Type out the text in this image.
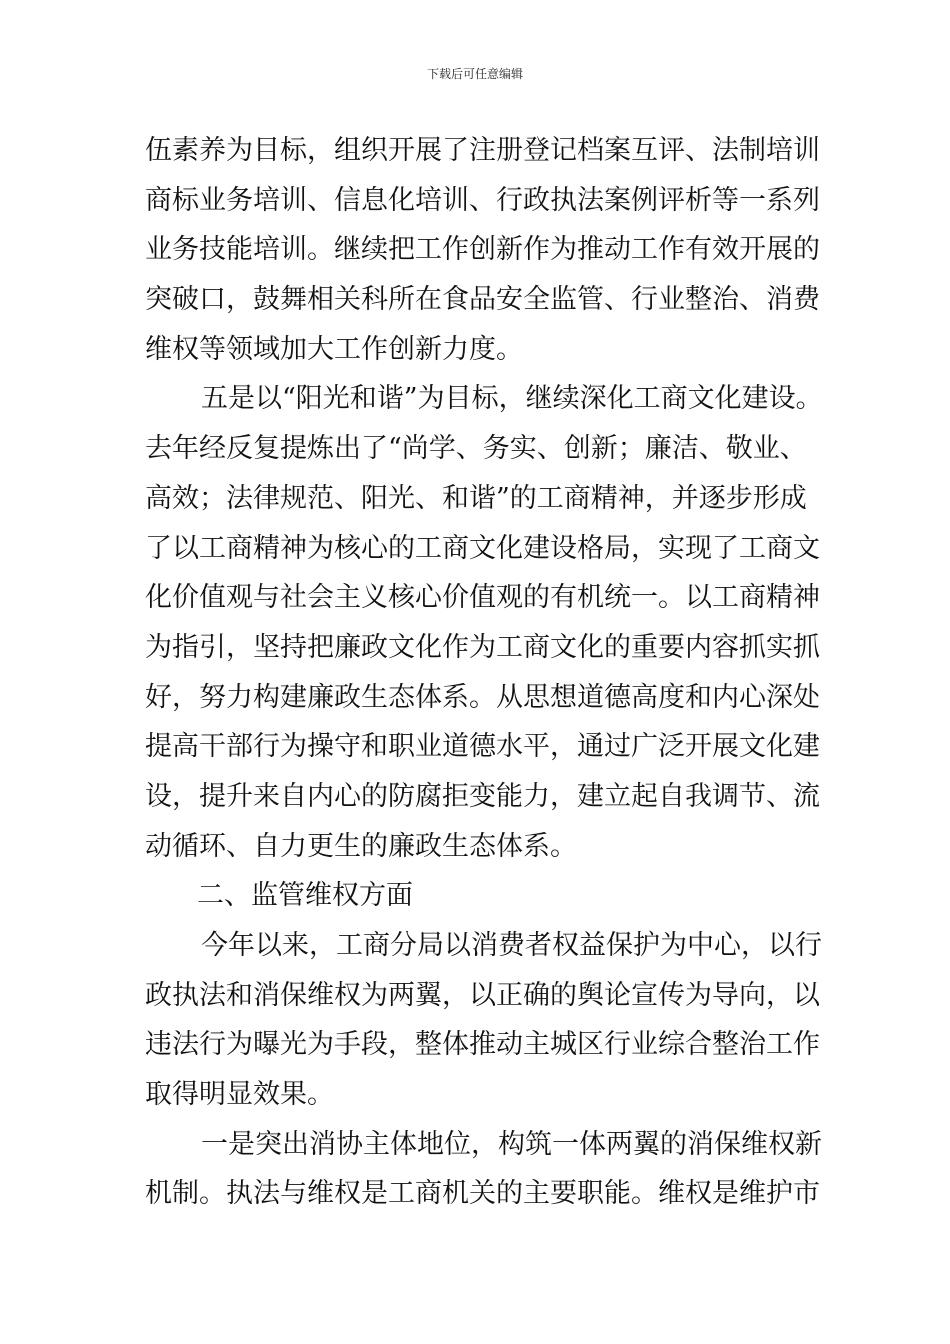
下载后可任意编辑
伍素养为目标，组织开展了注册登记档案互评、法制培训
商标业务培训、信息化培训、行政执法案例评析等一系列
业务技能培训。继续把工作创新作为推动工作有效开展的
突破口，鼓舞相关科所在食品安全监管、行业整治、消费
维权等领域加大工作创新力度。
五是以“阳光和谐”为目标，继续深化工商文化建设。
去年经反复提炼出了“尚学、务实、创新；廉洁、敬业、
高效；法律规范、阳光、和谐”的工商精神，并逐步形成
了以工商精神为核心的工商文化建设格局，实现了工商文
化价值观与社会主义核心价值观的有机统一。以工商精神
为指引，坚持把廉政文化作为工商文化的重要内容抓实抓
好，努力构建廉政生态体系。从思想道德高度和内心深处
提高干部行为操守和职业道德水平，通过广泛开展文化建
设，提升来自内心的防腐拒变能力，建立起自我调节、流
动循环、自力更生的廉政生态体系。
二、监管维权方面
今年以来，工商分局以消费者权益保护为中心，以行
政执法和消保维权为两翼，以正确的舆论宣传为导向，以
违法行为曝光为手段，整体推动主城区行业综合整治工作
取得明显效果。
一是突出消协主体地位，构筑一体两翼的消保维权新
机制。执法与维权是工商机关的主要职能。维权是维护市
